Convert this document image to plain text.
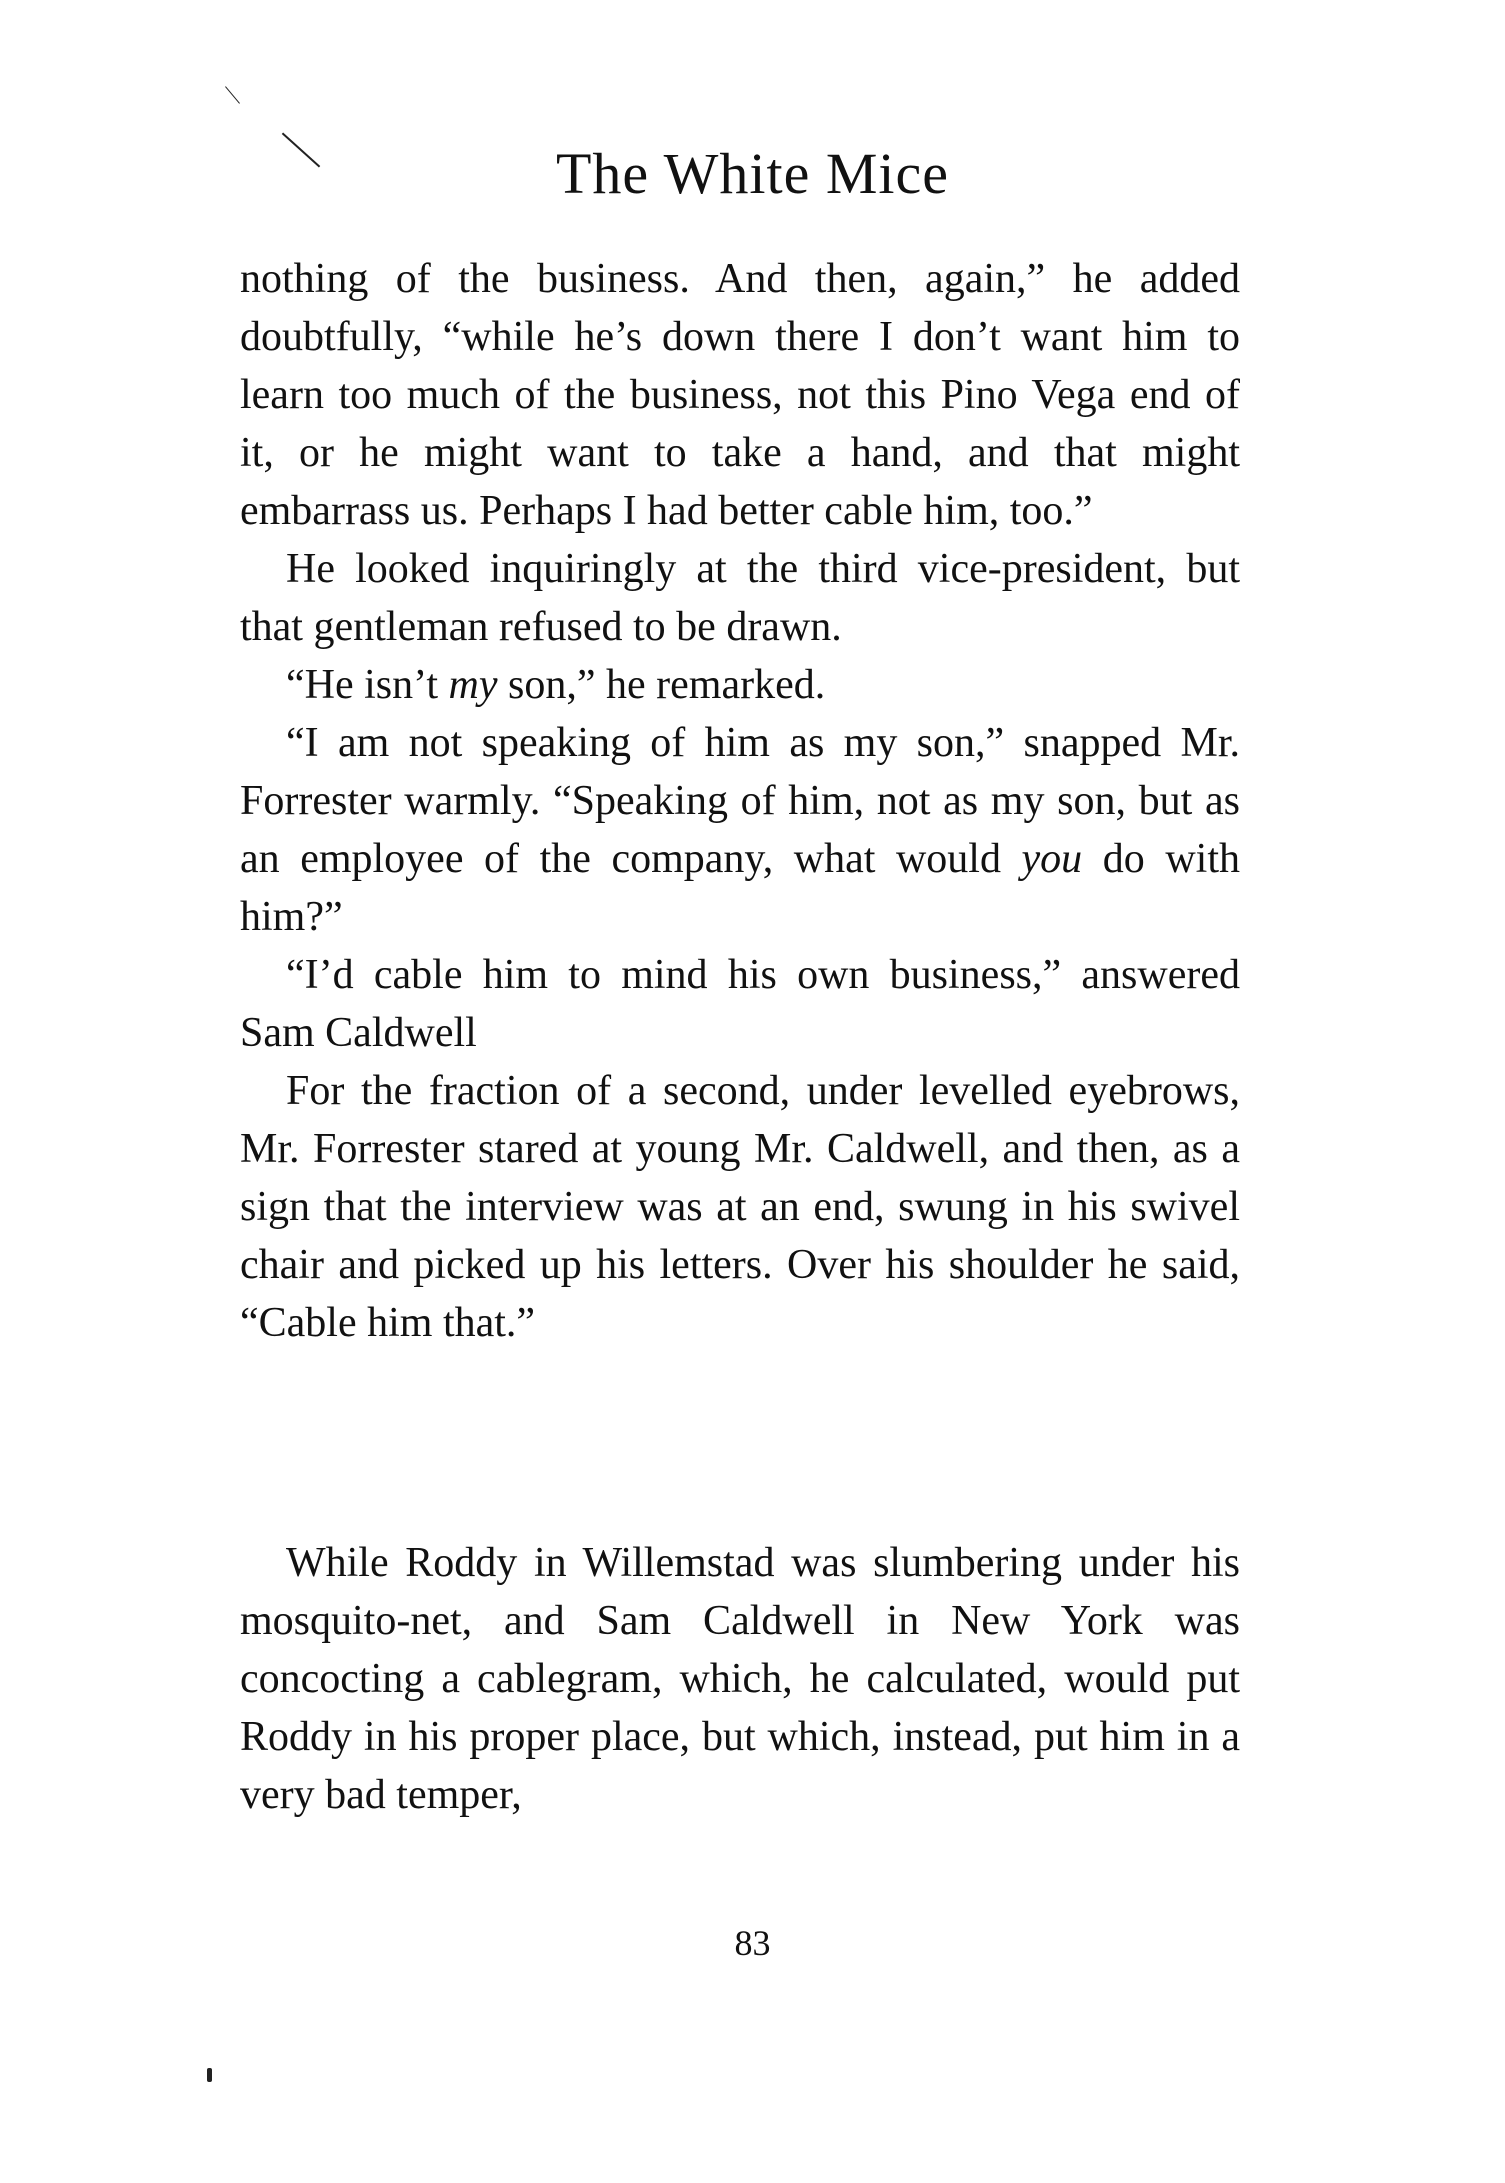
The White Mice

nothing of the business. And then, again,” he added doubtfully, “while he’s down there I don’t want him to learn too much of the business, not this Pino Vega end of it, or he might want to take a hand, and that might embarrass us. Perhaps I had better cable him, too.”

He looked inquiringly at the third vice-president, but that gentleman refused to be drawn.

“He isn’t my son,” he remarked.

“I am not speaking of him as my son,” snapped Mr. Forrester warmly. “Speaking of him, not as my son, but as an employee of the company, what would you do with him?”

“I’d cable him to mind his own business,” answered Sam Caldwell

For the fraction of a second, under levelled eyebrows, Mr. Forrester stared at young Mr. Caldwell, and then, as a sign that the interview was at an end, swung in his swivel chair and picked up his letters. Over his shoulder he said, “Cable him that.”

While Roddy in Willemstad was slumbering under his mosquito-net, and Sam Caldwell in New York was concocting a cablegram, which, he calculated, would put Roddy in his proper place, but which, instead, put him in a very bad temper,

83
